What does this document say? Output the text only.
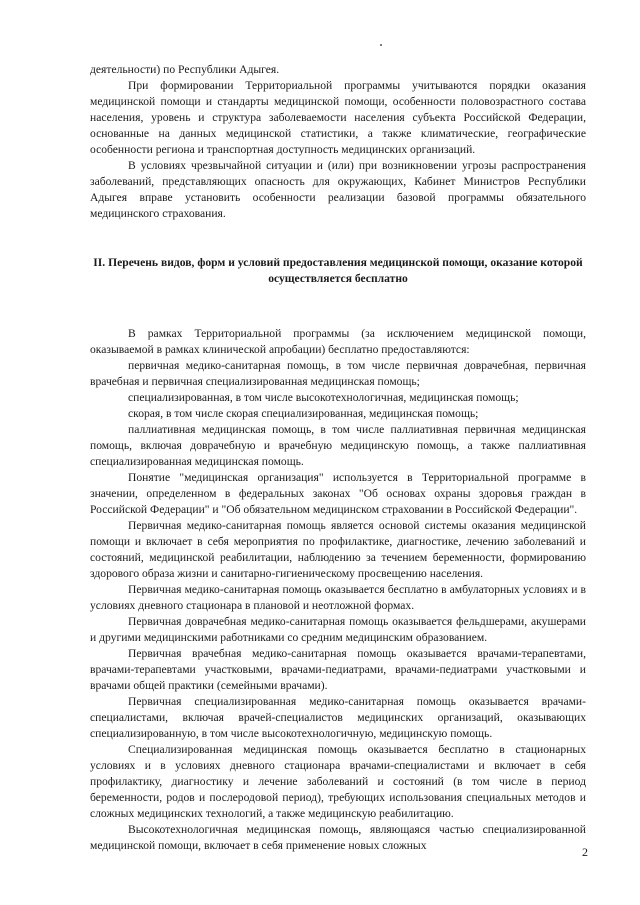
деятельности) по Республики Адыгея.

При формировании Территориальной программы учитываются порядки оказания медицинской помощи и стандарты медицинской помощи, особенности половозрастного состава населения, уровень и структура заболеваемости населения субъекта Российской Федерации, основанные на данных медицинской статистики, а также климатические, географические особенности региона и транспортная доступность медицинских организаций.

В условиях чрезвычайной ситуации и (или) при возникновении угрозы распространения заболеваний, представляющих опасность для окружающих, Кабинет Министров Республики Адыгея вправе установить особенности реализации базовой программы обязательного медицинского страхования.

II. Перечень видов, форм и условий предоставления медицинской помощи, оказание которой осуществляется бесплатно

В рамках Территориальной программы (за исключением медицинской помощи, оказываемой в рамках клинической апробации) бесплатно предоставляются:

первичная медико-санитарная помощь, в том числе первичная доврачебная, первичная врачебная и первичная специализированная медицинская помощь;

специализированная, в том числе высокотехнологичная, медицинская помощь;

скорая, в том числе скорая специализированная, медицинская помощь;

паллиативная медицинская помощь, в том числе паллиативная первичная медицинская помощь, включая доврачебную и врачебную медицинскую помощь, а также паллиативная специализированная медицинская помощь.

Понятие "медицинская организация" используется в Территориальной программе в значении, определенном в федеральных законах "Об основах охраны здоровья граждан в Российской Федерации" и "Об обязательном медицинском страховании в Российской Федерации".

Первичная медико-санитарная помощь является основой системы оказания медицинской помощи и включает в себя мероприятия по профилактике, диагностике, лечению заболеваний и состояний, медицинской реабилитации, наблюдению за течением беременности, формированию здорового образа жизни и санитарно-гигиеническому просвещению населения.

Первичная медико-санитарная помощь оказывается бесплатно в амбулаторных условиях и в условиях дневного стационара в плановой и неотложной формах.

Первичная доврачебная медико-санитарная помощь оказывается фельдшерами, акушерами и другими медицинскими работниками со средним медицинским образованием.

Первичная врачебная медико-санитарная помощь оказывается врачами-терапевтами, врачами-терапевтами участковыми, врачами-педиатрами, врачами-педиатрами участковыми и врачами общей практики (семейными врачами).

Первичная специализированная медико-санитарная помощь оказывается врачами-специалистами, включая врачей-специалистов медицинских организаций, оказывающих специализированную, в том числе высокотехнологичную, медицинскую помощь.

Специализированная медицинская помощь оказывается бесплатно в стационарных условиях и в условиях дневного стационара врачами-специалистами и включает в себя профилактику, диагностику и лечение заболеваний и состояний (в том числе в период беременности, родов и послеродовой период), требующих использования специальных методов и сложных медицинских технологий, а также медицинскую реабилитацию.

Высокотехнологичная медицинская помощь, являющаяся частью специализированной медицинской помощи, включает в себя применение новых сложных	2
